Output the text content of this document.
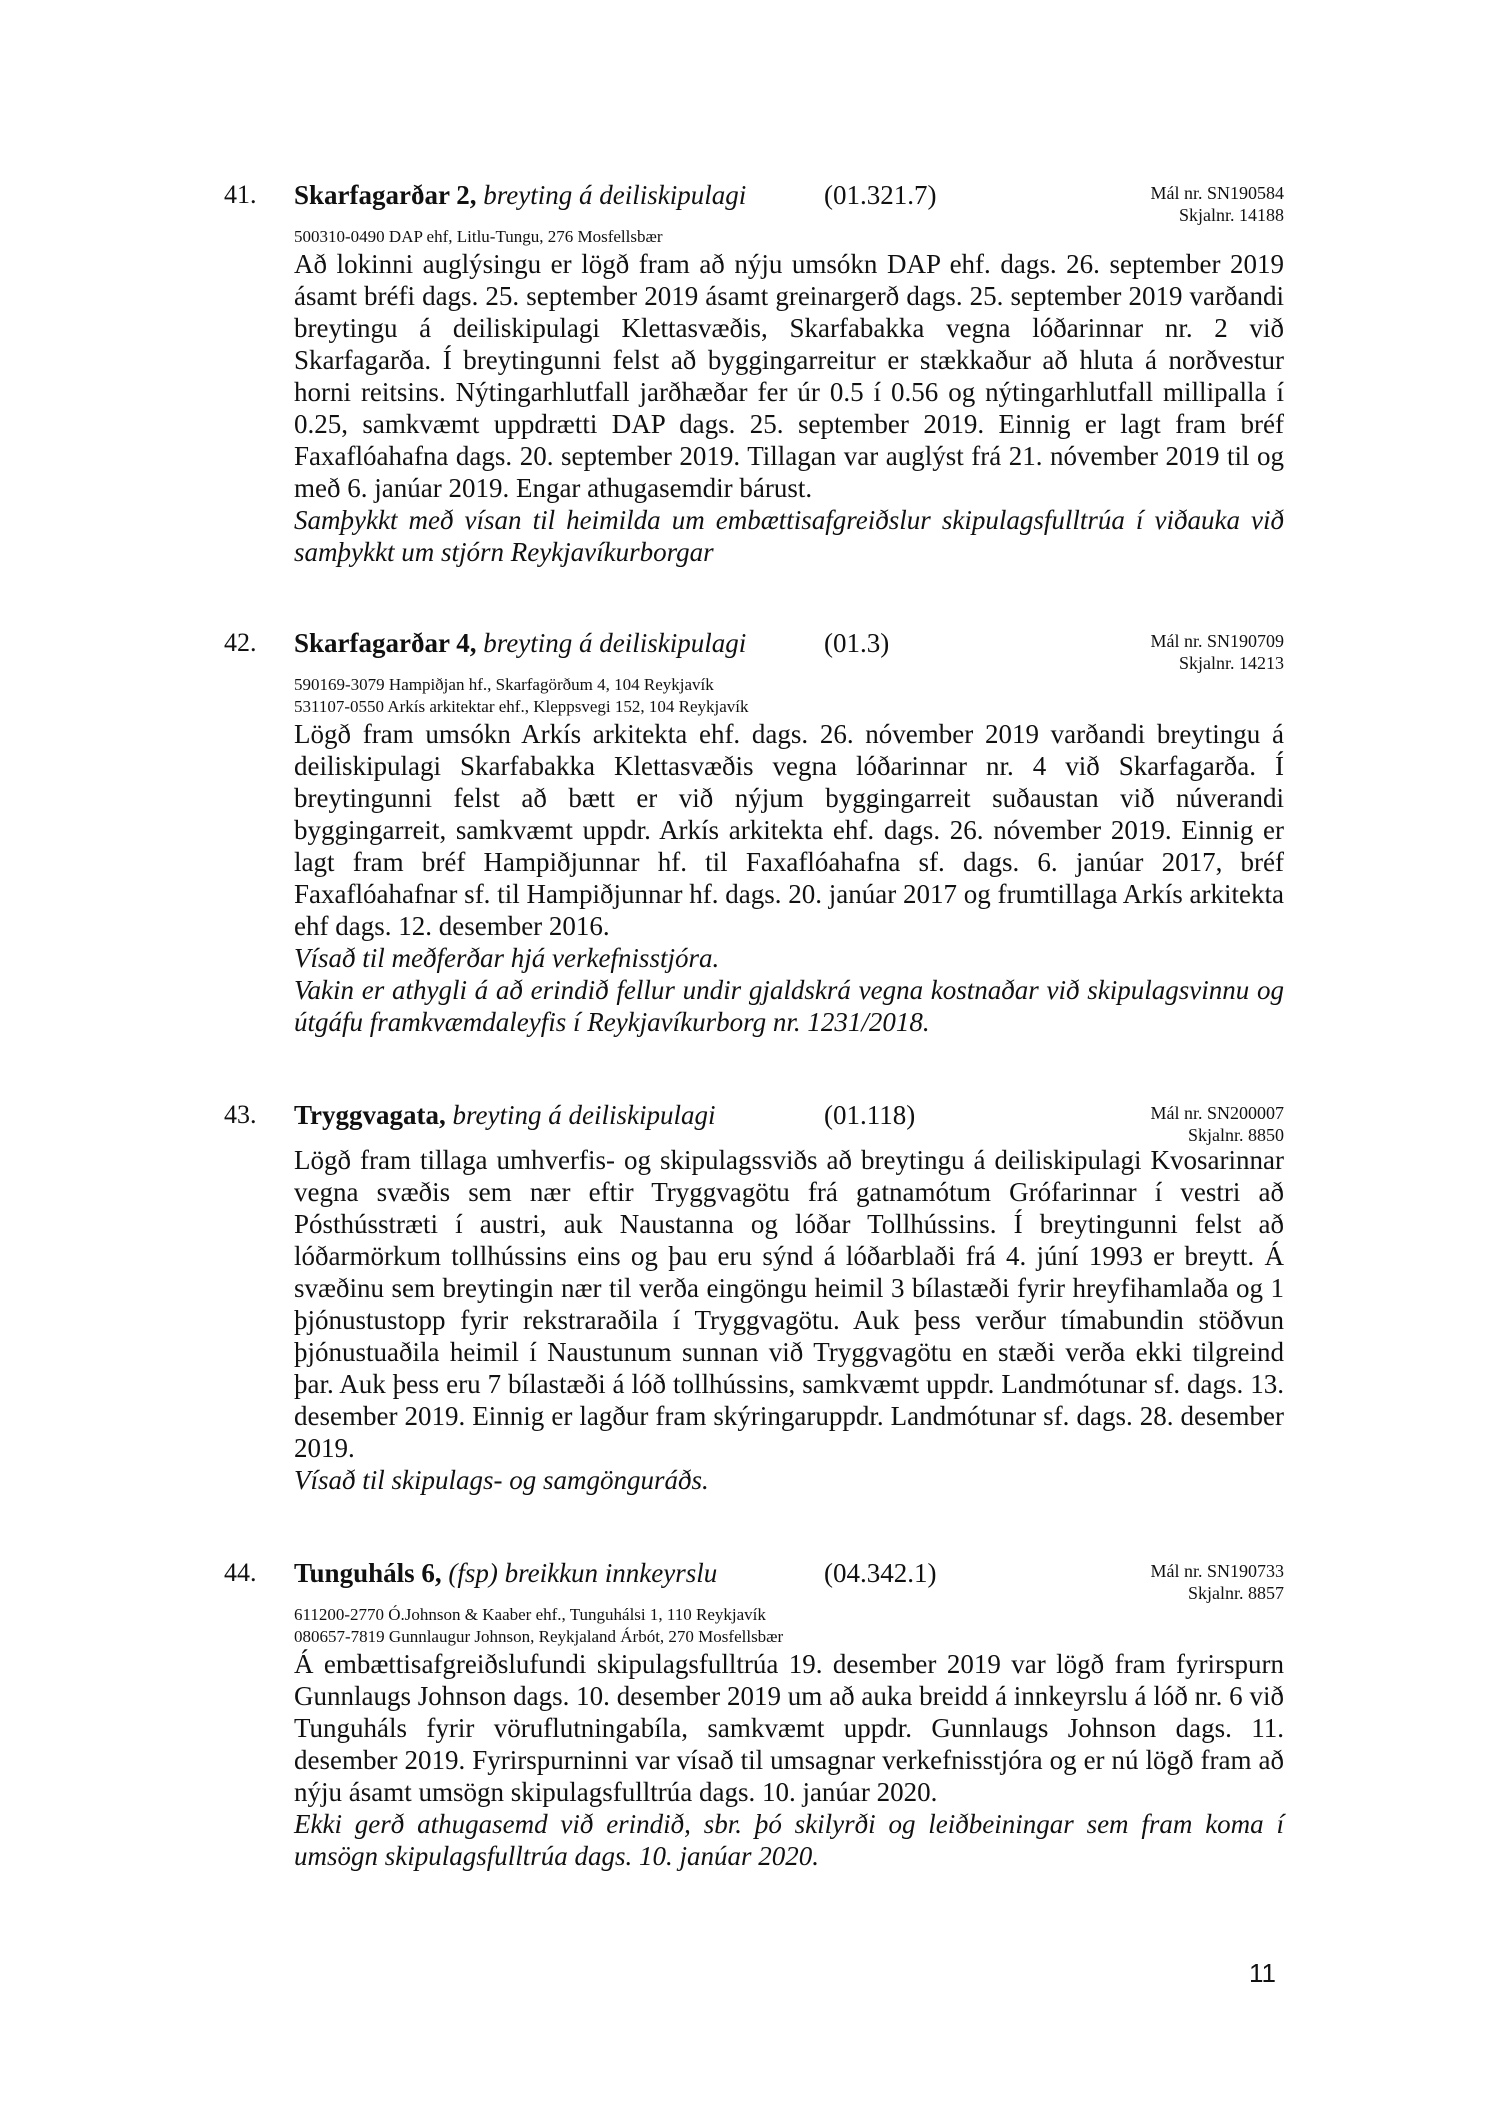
41. Skarfagarðar 2, breyting á deiliskipulagi	(01.321.7)	Mál nr. SN190584
Skjalnr. 14188
500310-0490 DAP ehf, Litlu-Tungu, 276 Mosfellsbær

Að lokinni auglýsingu er lögð fram að nýju umsókn DAP ehf. dags. 26. september 2019 ásamt bréfi dags. 25. september 2019 ásamt greinargerð dags. 25. september 2019 varðandi breytingu á deiliskipulagi Klettasvæðis, Skarfabakka vegna lóðarinnar nr. 2 við Skarfagarða. Í breytingunni felst að byggingarreitur er stækkaður að hluta á norðvestur horni reitsins. Nýtingarhlutfall jarðhæðar fer úr 0.5 í 0.56 og nýtingarhlutfall millipalla í 0.25, samkvæmt uppdrætti DAP dags. 25. september 2019. Einnig er lagt fram bréf Faxaflóahafna dags. 20. september 2019. Tillagan var auglýst frá 21. nóvember 2019 til og með 6. janúar 2019. Engar athugasemdir bárust.

Samþykkt með vísan til heimilda um embættisafgreiðslur skipulagsfulltrúa í viðauka við samþykkt um stjórn Reykjavíkurborgar

42. Skarfagarðar 4, breyting á deiliskipulagi	(01.3)	Mál nr. SN190709
Skjalnr. 14213
590169-3079 Hampiðjan hf., Skarfagörðum 4, 104 Reykjavík
531107-0550 Arkís arkitektar ehf., Kleppsvegi 152, 104 Reykjavík

Lögð fram umsókn Arkís arkitekta ehf. dags. 26. nóvember 2019 varðandi breytingu á deiliskipulagi Skarfabakka Klettasvæðis vegna lóðarinnar nr. 4 við Skarfagarða. Í breytingunni felst að bætt er við nýjum byggingarreit suðaustan við núverandi byggingarreit, samkvæmt uppdr. Arkís arkitekta ehf. dags. 26. nóvember 2019. Einnig er lagt fram bréf Hampiðjunnar hf. til Faxaflóahafna sf. dags. 6. janúar 2017, bréf Faxaflóahafnar sf. til Hampiðjunnar hf. dags. 20. janúar 2017 og frumtillaga Arkís arkitekta ehf dags. 12. desember 2016.

Vísað til meðferðar hjá verkefnisstjóra.

Vakin er athygli á að erindið fellur undir gjaldskrá vegna kostnaðar við skipulagsvinnu og útgáfu framkvæmdaleyfis í Reykjavíkurborg nr. 1231/2018.

43. Tryggvagata, breyting á deiliskipulagi	(01.118)	Mál nr. SN200007
Skjalnr. 8850

Lögð fram tillaga umhverfis- og skipulagssviðs að breytingu á deiliskipulagi Kvosarinnar vegna svæðis sem nær eftir Tryggvagötu frá gatnamótum Grófarinnar í vestri að Pósthússtræti í austri, auk Naustanna og lóðar Tollhússins. Í breytingunni felst að lóðarmörkum tollhússins eins og þau eru sýnd á lóðarblaði frá 4. júní 1993 er breytt. Á svæðinu sem breytingin nær til verða eingöngu heimil 3 bílastæði fyrir hreyfihamlaða og 1 þjónustustopp fyrir rekstraraðila í Tryggvagötu. Auk þess verður tímabundin stöðvun þjónustuaðila heimil í Naustunum sunnan við Tryggvagötu en stæði verða ekki tilgreind þar. Auk þess eru 7 bílastæði á lóð tollhússins, samkvæmt uppdr. Landmótunar sf. dags. 13. desember 2019. Einnig er lagður fram skýringaruppdr. Landmótunar sf. dags. 28. desember 2019.

Vísað til skipulags- og samgönguráðs.

44. Tunguháls 6, (fsp) breikkun innkeyrslu	(04.342.1)	Mál nr. SN190733
Skjalnr. 8857
611200-2770 Ó.Johnson & Kaaber ehf., Tunguhálsi 1, 110 Reykjavík
080657-7819 Gunnlaugur Johnson, Reykjaland Árbót, 270 Mosfellsbær

Á embættisafgreiðslufundi skipulagsfulltrúa 19. desember 2019 var lögð fram fyrirspurn Gunnlaugs Johnson dags. 10. desember 2019 um að auka breidd á innkeyrslu á lóð nr. 6 við Tunguháls fyrir vöruflutningabíla, samkvæmt uppdr. Gunnlaugs Johnson dags. 11. desember 2019. Fyrirspurninni var vísað til umsagnar verkefnisstjóra og er nú lögð fram að nýju ásamt umsögn skipulagsfulltrúa dags. 10. janúar 2020.

Ekki gerð athugasemd við erindið, sbr. þó skilyrði og leiðbeiningar sem fram koma í umsögn skipulagsfulltrúa dags. 10. janúar 2020.

11
